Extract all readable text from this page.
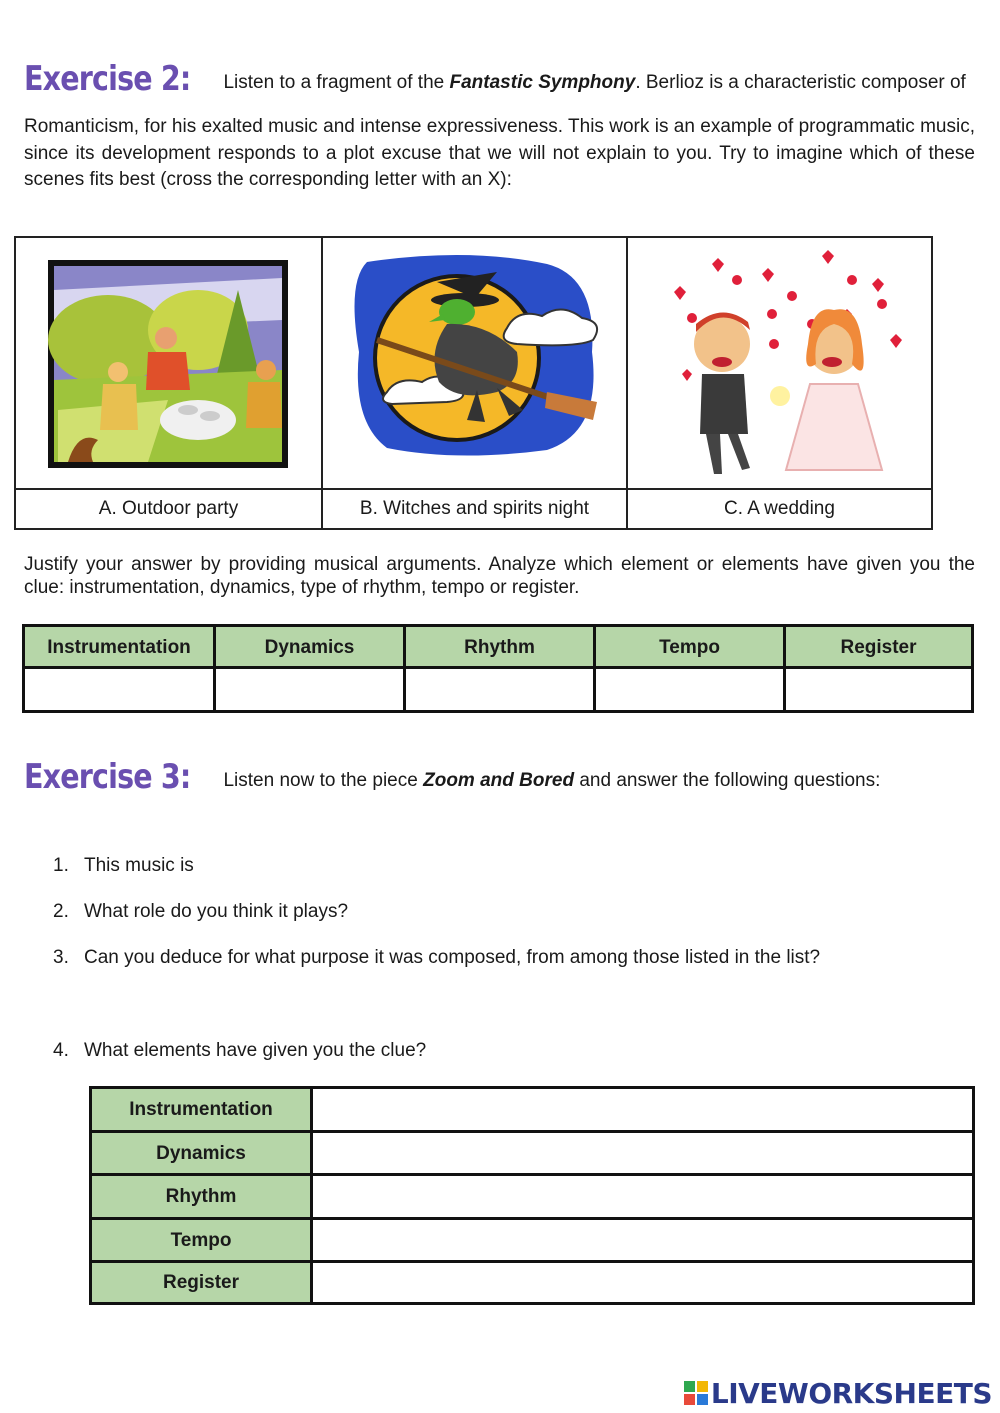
Exercise 2: Listen to a fragment of the Fantastic Symphony. Berlioz is a characteristic composer of

Romanticism, for his exalted music and intense expressiveness. This work is an example of programmatic music, since its development responds to a plot excuse that we will not explain to you. Try to imagine which of these scenes fits best (cross the corresponding letter with an X):

A. Outdoor party	B. Witches and spirits night	C. A wedding

Justify your answer by providing musical arguments. Analyze which element or elements have given you the clue: instrumentation, dynamics, type of rhythm, tempo or register.

Instrumentation	Dynamics	Rhythm	Tempo	Register

Exercise 3: Listen now to the piece Zoom and Bored and answer the following questions:

1. This music is
2. What role do you think it plays?
3. Can you deduce for what purpose it was composed, from among those listed in the list?
4. What elements have given you the clue?
Instrumentation
Dynamics
Rhythm
Tempo
Register
LIVEWORKSHEETS
